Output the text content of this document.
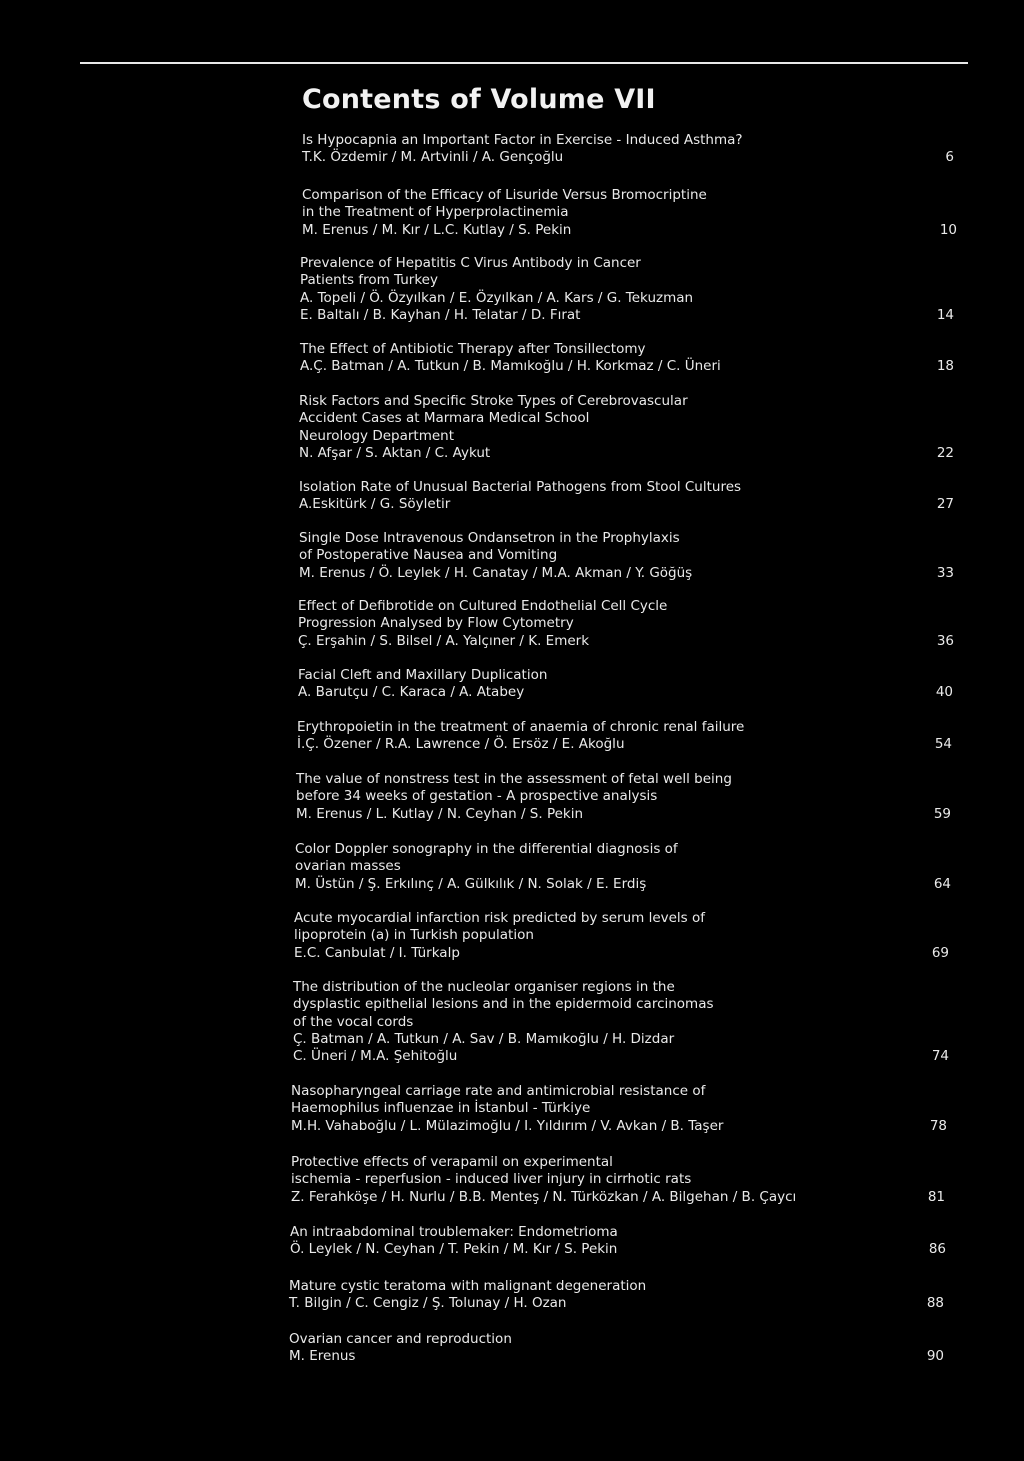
Contents of Volume VII
Is Hypocapnia an Important Factor in Exercise - Induced Asthma?
T.K. Özdemir / M. Artvinli / A. Gençoğlu	6
Comparison of the Efficacy of Lisuride Versus Bromocriptine
in the Treatment of Hyperprolactinemia
M. Erenus / M. Kır / L.C. Kutlay / S. Pekin	10
Prevalence of Hepatitis C Virus Antibody in Cancer
Patients from Turkey
A. Topeli / Ö. Özyılkan / E. Özyılkan / A. Kars / G. Tekuzman
E. Baltalı / B. Kayhan / H. Telatar / D. Fırat	14
The Effect of Antibiotic Therapy after Tonsillectomy
A.Ç. Batman / A. Tutkun / B. Mamıkoğlu / H. Korkmaz / C. Üneri	18
Risk Factors and Specific Stroke Types of Cerebrovascular
Accident Cases at Marmara Medical School
Neurology Department
N. Afşar / S. Aktan / C. Aykut	22
Isolation Rate of Unusual Bacterial Pathogens from Stool Cultures
A.Eskitürk / G. Söyletir	27
Single Dose Intravenous Ondansetron in the Prophylaxis
of Postoperative Nausea and Vomiting
M. Erenus / Ö. Leylek / H. Canatay / M.A. Akman / Y. Göğüş	33
Effect of Defibrotide on Cultured Endothelial Cell Cycle
Progression Analysed by Flow Cytometry
Ç. Erşahin / S. Bilsel / A. Yalçıner / K. Emerk	36
Facial Cleft and Maxillary Duplication
A. Barutçu / C. Karaca / A. Atabey	40
Erythropoietin in the treatment of anaemia of chronic renal failure
İ.Ç. Özener / R.A. Lawrence / Ö. Ersöz / E. Akoğlu	54
The value of nonstress test in the assessment of fetal well being
before 34 weeks of gestation - A prospective analysis
M. Erenus / L. Kutlay / N. Ceyhan / S. Pekin	59
Color Doppler sonography in the differential diagnosis of
ovarian masses
M. Üstün / Ş. Erkılınç / A. Gülkılık / N. Solak / E. Erdiş	64
Acute myocardial infarction risk predicted by serum levels of
lipoprotein (a) in Turkish population
E.C. Canbulat / I. Türkalp	69
The distribution of the nucleolar organiser regions in the
dysplastic epithelial lesions and in the epidermoid carcinomas
of the vocal cords
Ç. Batman / A. Tutkun / A. Sav / B. Mamıkoğlu / H. Dizdar
C. Üneri / M.A. Şehitoğlu	74
Nasopharyngeal carriage rate and antimicrobial resistance of
Haemophilus influenzae in İstanbul - Türkiye
M.H. Vahaboğlu / L. Mülazimoğlu / I. Yıldırım / V. Avkan / B. Taşer	78
Protective effects of verapamil on experimental
ischemia - reperfusion - induced liver injury in cirrhotic rats
Z. Ferahköşe / H. Nurlu / B.B. Menteş / N. Türközkan / A. Bilgehan / B. Çaycı	81
An intraabdominal troublemaker: Endometrioma
Ö. Leylek / N. Ceyhan / T. Pekin / M. Kır / S. Pekin	86
Mature cystic teratoma with malignant degeneration
T. Bilgin / C. Cengiz / Ş. Tolunay / H. Ozan	88
Ovarian cancer and reproduction
M. Erenus	90
